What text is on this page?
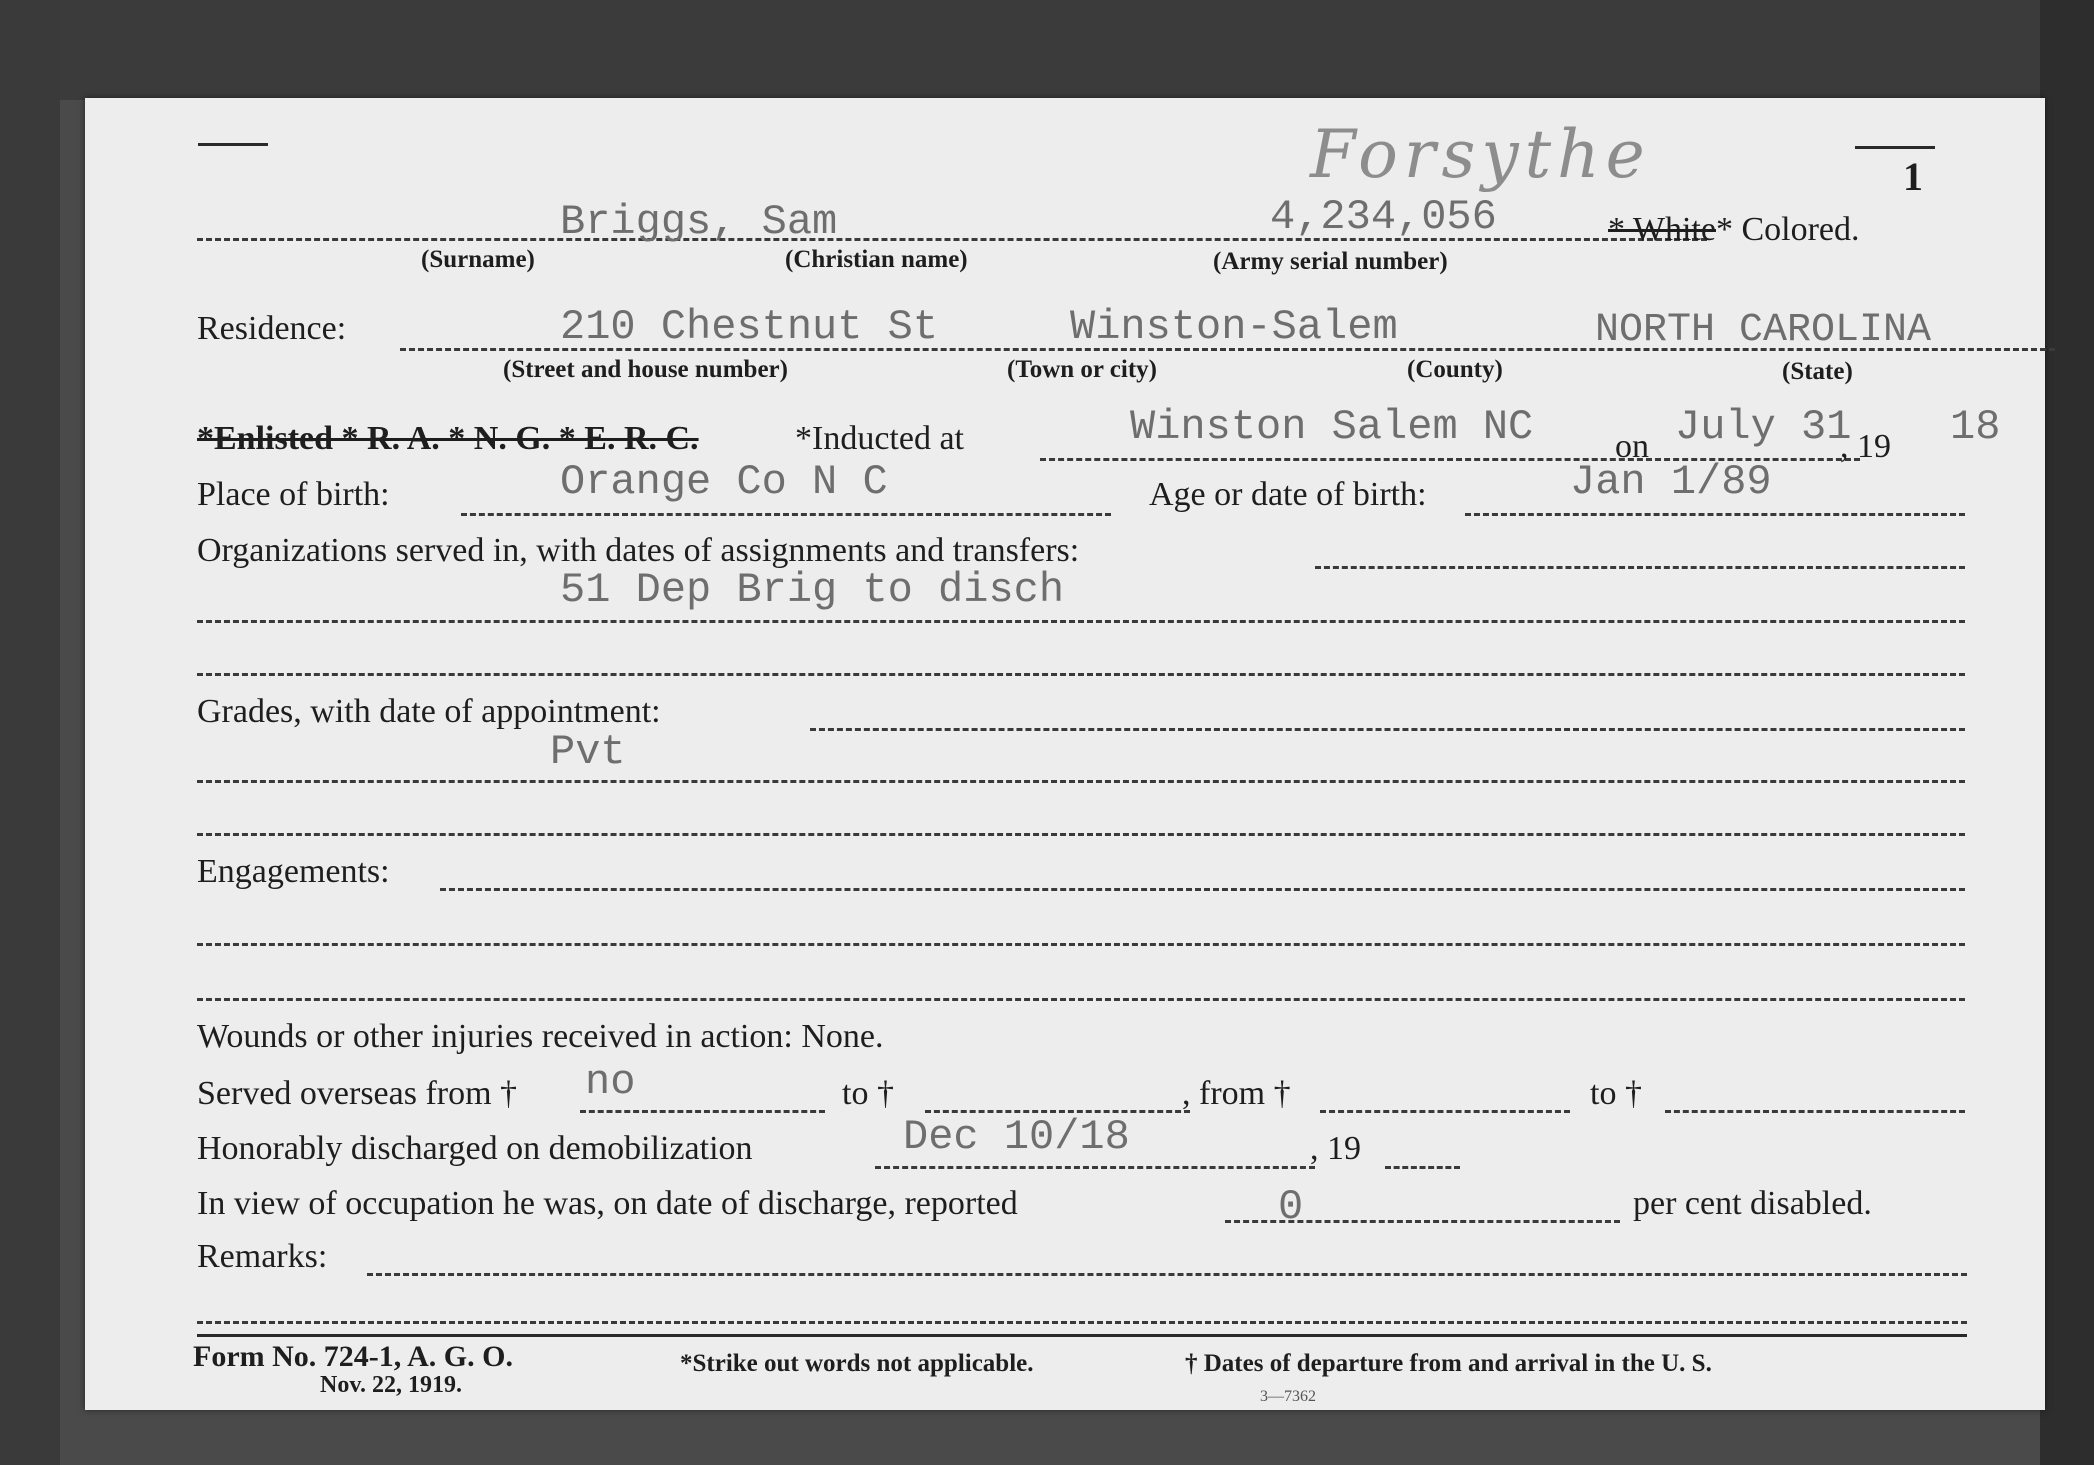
Forsythe	1
Briggs, Sam	4,234,056	* White* Colored.
(Surname)	(Christian name)	(Army serial number)
Residence:	210 Chestnut St	Winston-Salem	NORTH CAROLINA
(Street and house number)	(Town or city)	(County)	(State)
*Enlisted * R. A. * N. G. * E. R. C.	*Inducted at	Winston Salem NC on July 31
, 19 18
Place of birth:	Orange Co N C	Age or date of birth:	Jan 1/89
Organizations served in, with dates of assignments and transfers:
51 Dep Brig to disch
Grades, with date of appointment:
Pvt
Engagements:
Wounds or other injuries received in action: None.
Served overseas from † no	to †	, from †	to †
Honorably discharged on demobilization	Dec 10/18	, 19
In view of occupation he was, on date of discharge, reported	0	per cent disabled.
Remarks:
Form No. 724-1, A. G. O.
Nov. 22, 1919.
*Strike out words not applicable.	† Dates of departure from and arrival in the U. S.
3—7362
